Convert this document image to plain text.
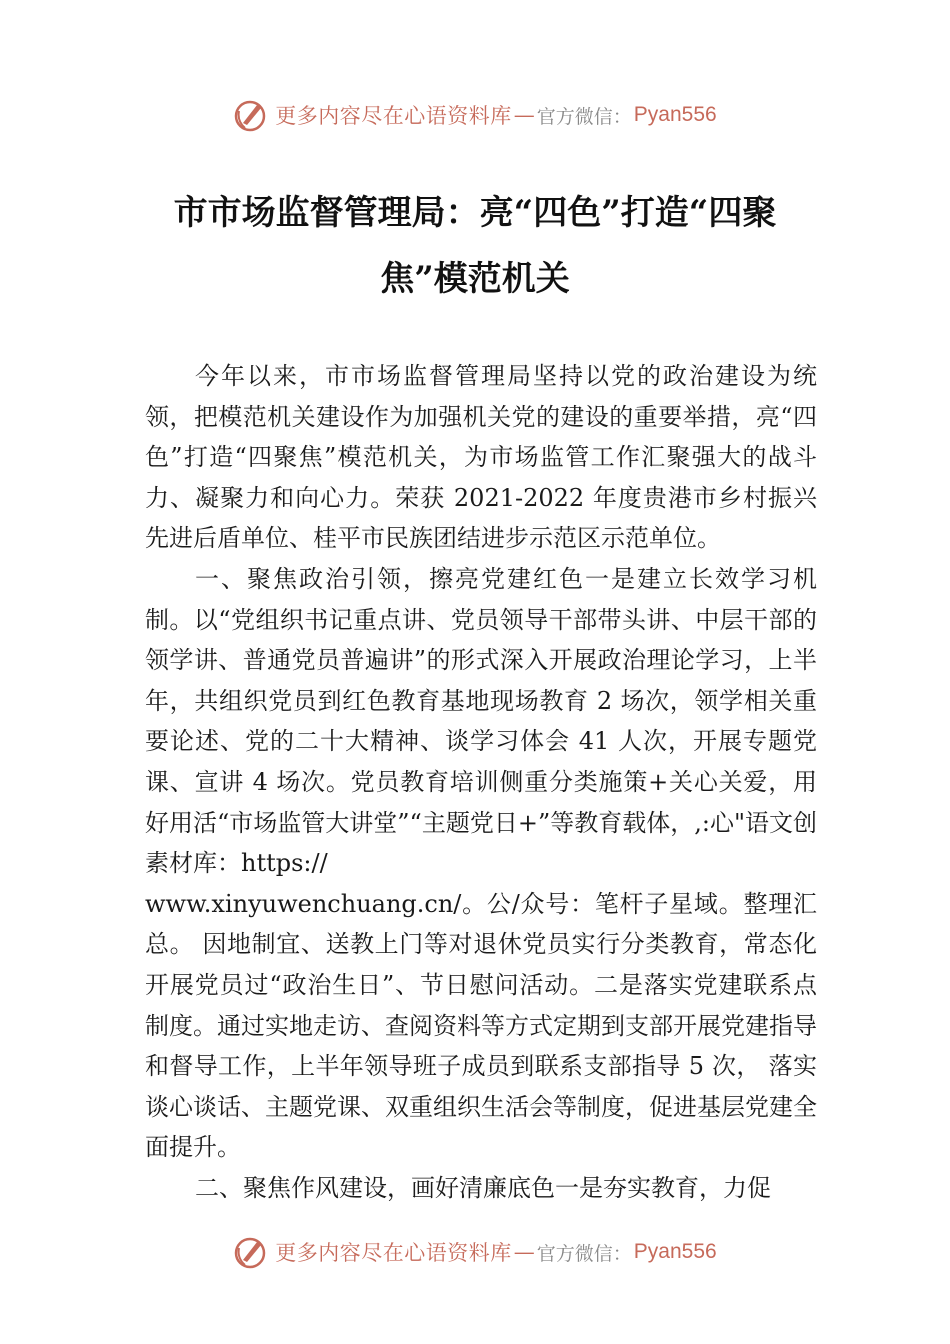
更多内容尽在心语资料库 — 官方微信： Pyan556
市市场监督管理局：亮“四色”打造“四聚焦”模范机关

今年以来，市市场监督管理局坚持以党的政治建设为统领，把模范机关建设作为加强机关党的建设的重要举措，亮“四色”打造“四聚焦”模范机关，为市场监管工作汇聚强大的战斗力、凝聚力和向心力。荣获 2021-2022 年度贵港市乡村振兴先进后盾单位、桂平市民族团结进步示范区示范单位。

一、聚焦政治引领，擦亮党建红色一是建立长效学习机制。以“党组织书记重点讲、党员领导干部带头讲、中层干部的领学讲、普通党员普遍讲”的形式深入开展政治理论学习，上半年，共组织党员到红色教育基地现场教育 2 场次，领学相关重要论述、党的二十大精神、谈学习体会 41 人次，开展专题党课、宣讲 4 场次。党员教育培训侧重分类施策+关心关爱，用好用活“市场监管大讲堂”“主题党日+”等教育载体，,:心"语文创素材库：https://

www.xinyuwenchuang.cn/。公/众号：笔杆子星域。整理汇总。 因地制宜、送教上门等对退休党员实行分类教育，常态化开展党员过“政治生日”、节日慰问活动。二是落实党建联系点制度。通过实地走访、查阅资料等方式定期到支部开展党建指导和督导工作，上半年领导班子成员到联系支部指导 5 次， 落实谈心谈话、主题党课、双重组织生活会等制度，促进基层党建全面提升。

二、聚焦作风建设，画好清廉底色一是夯实教育，力促

更多内容尽在心语资料库 — 官方微信： Pyan556
